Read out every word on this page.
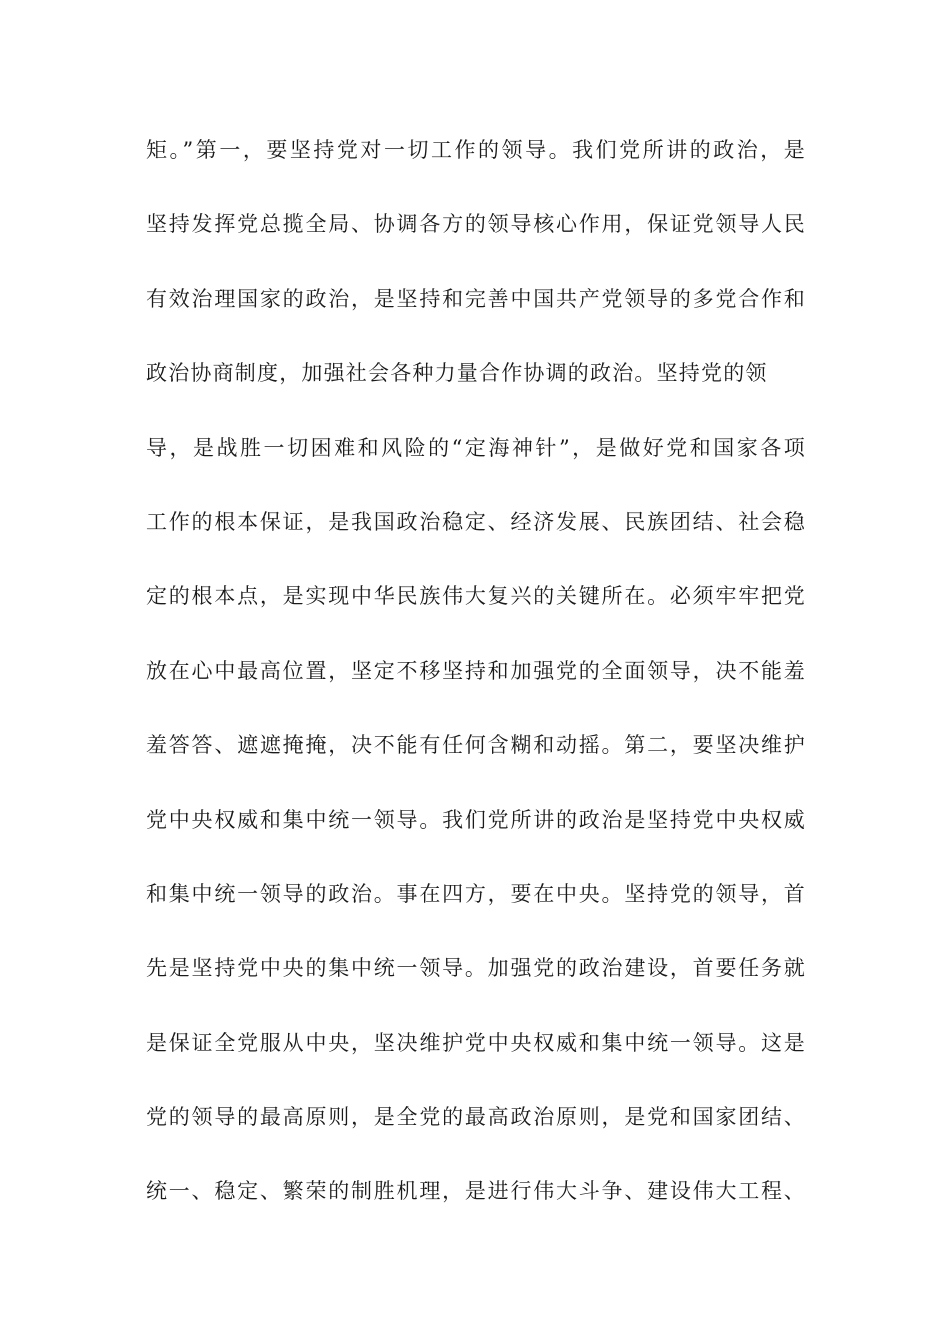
矩。”第一，要坚持党对一切工作的领导。我们党所讲的政治，是
坚持发挥党总揽全局、协调各方的领导核心作用，保证党领导人民
有效治理国家的政治，是坚持和完善中国共产党领导的多党合作和
政治协商制度，加强社会各种力量合作协调的政治。坚持党的领
导，是战胜一切困难和风险的“定海神针”，是做好党和国家各项
工作的根本保证，是我国政治稳定、经济发展、民族团结、社会稳
定的根本点，是实现中华民族伟大复兴的关键所在。必须牢牢把党
放在心中最高位置，坚定不移坚持和加强党的全面领导，决不能羞
羞答答、遮遮掩掩，决不能有任何含糊和动摇。第二，要坚决维护
党中央权威和集中统一领导。我们党所讲的政治是坚持党中央权威
和集中统一领导的政治。事在四方，要在中央。坚持党的领导，首
先是坚持党中央的集中统一领导。加强党的政治建设，首要任务就
是保证全党服从中央，坚决维护党中央权威和集中统一领导。这是
党的领导的最高原则，是全党的最高政治原则，是党和国家团结、
统一、稳定、繁荣的制胜机理，是进行伟大斗争、建设伟大工程、
